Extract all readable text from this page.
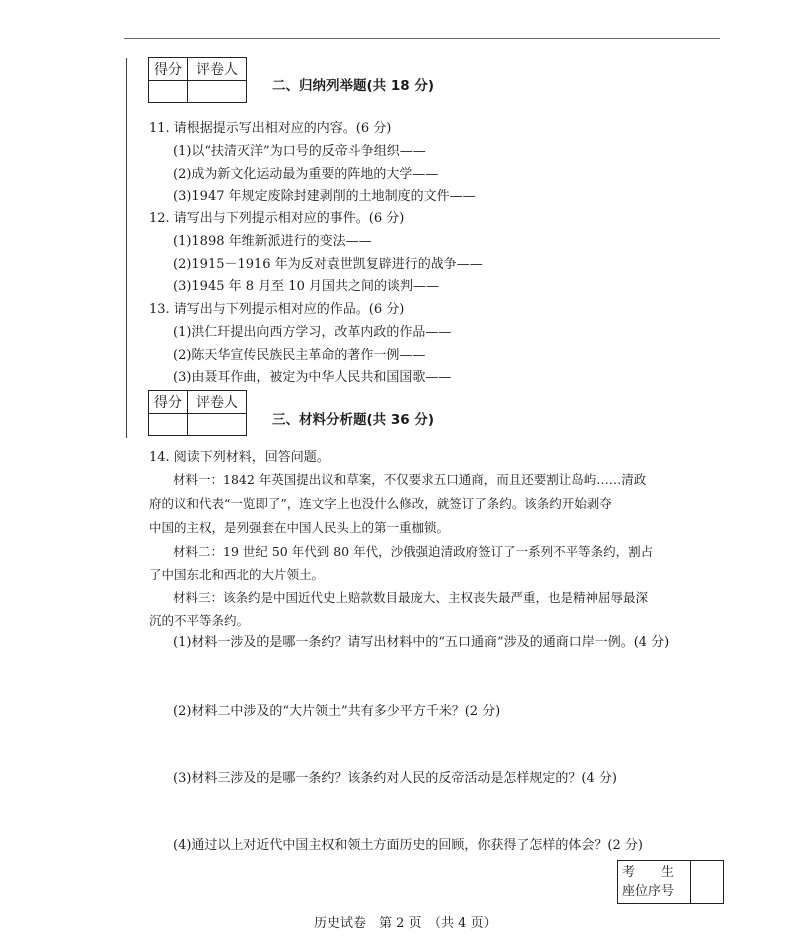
得分	评卷人

二、归纳列举题(共 18 分)
11. 请根据提示写出相对应的内容。(6 分)
(1)以“扶清灭洋”为口号的反帝斗争组织——
(2)成为新文化运动最为重要的阵地的大学——
(3)1947 年规定废除封建剥削的土地制度的文件——
12. 请写出与下列提示相对应的事件。(6 分)
(1)1898 年维新派进行的变法——
(2)1915－1916 年为反对袁世凯复辟进行的战争——
(3)1945 年 8 月至 10 月国共之间的谈判——
13. 请写出与下列提示相对应的作品。(6 分)
(1)洪仁玕提出向西方学习，改革内政的作品——
(2)陈天华宣传民族民主革命的著作一例——
(3)由聂耳作曲，被定为中华人民共和国国歌——
得分	评卷人

三、材料分析题(共 36 分)
14. 阅读下列材料，回答问题。
材料一：1842 年英国提出议和草案，不仅要求五口通商，而且还要割让岛屿……清政
府的议和代表“一览即了”，连文字上也没什么修改，就签订了条约。该条约开始剥夺
中国的主权，是列强套在中国人民头上的第一重枷锁。
材料二：19 世纪 50 年代到 80 年代，沙俄强迫清政府签订了一系列不平等条约，割占
了中国东北和西北的大片领土。
材料三：该条约是中国近代史上赔款数目最庞大、主权丧失最严重，也是精神屈辱最深
沉的不平等条约。
(1)材料一涉及的是哪一条约？请写出材料中的“五口通商”涉及的通商口岸一例。(4 分)
(2)材料二中涉及的“大片领土”共有多少平方千米？(2 分)
(3)材料三涉及的是哪一条约？该条约对人民的反帝活动是怎样规定的？(4 分)
(4)通过以上对近代中国主权和领土方面历史的回顾，你获得了怎样的体会？(2 分)
考　　生
座位序号

历史试卷　第 2 页　（共 4 页）
